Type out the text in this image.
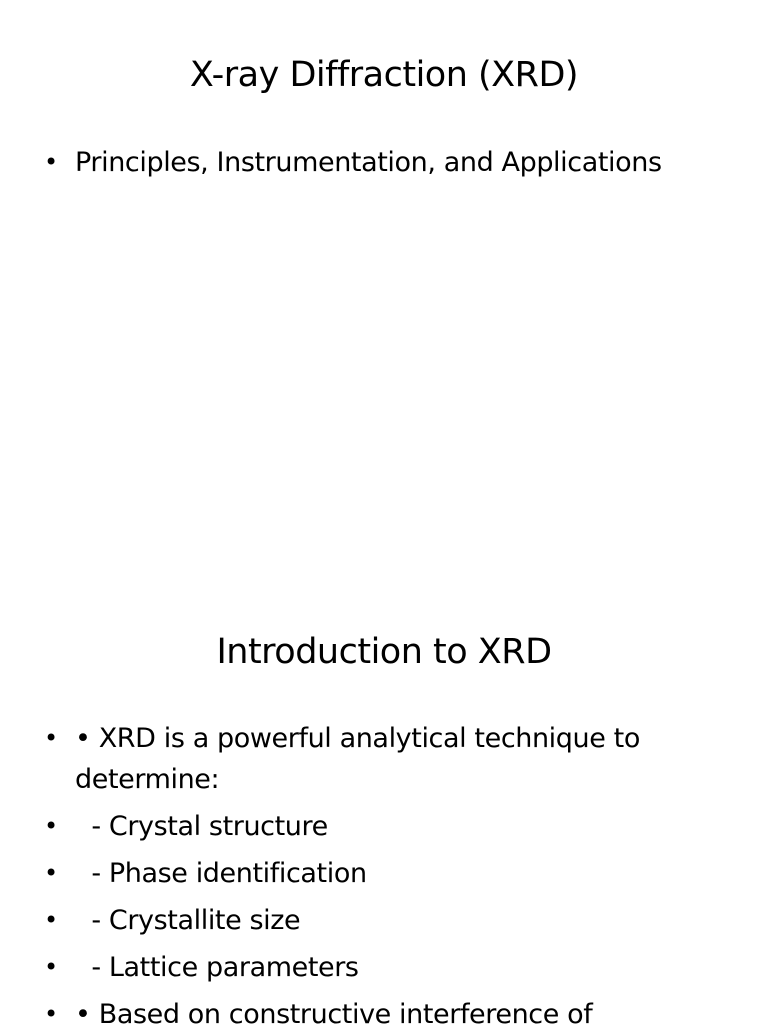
X-ray Diffraction (XRD)
• Principles, Instrumentation, and Applications
Introduction to XRD
• • XRD is a powerful analytical technique to determine:
• - Crystal structure
• - Phase identification
• - Crystallite size
• - Lattice parameters
• • Based on constructive interference of
